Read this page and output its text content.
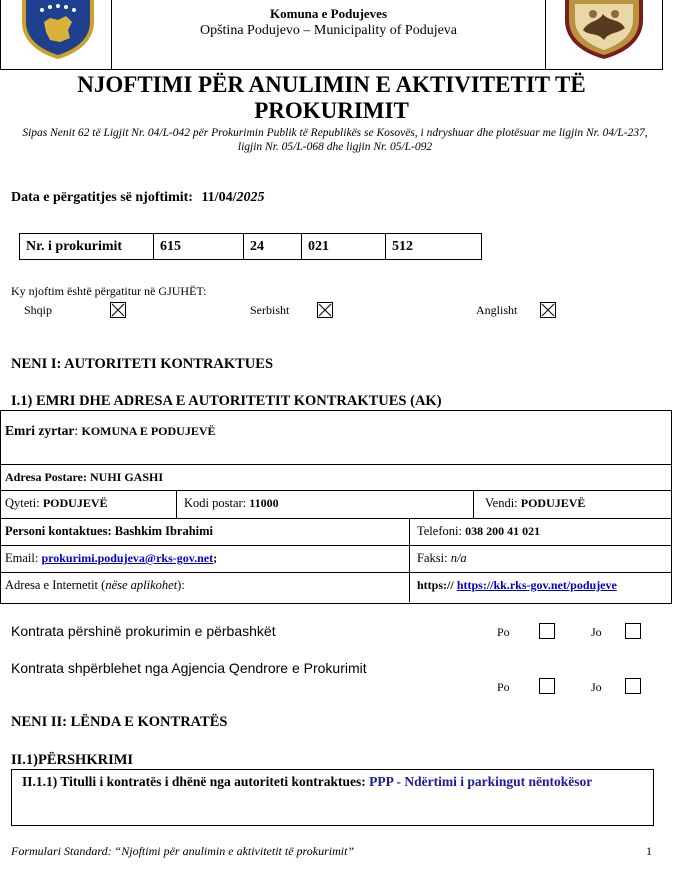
Komuna e Podujeves
Opština Podujevo – Municipality of Podujeva
NJOFTIMI PËR ANULIMIN E AKTIVITETIT TË PROKURIMIT
Sipas Nenit 62 të Ligjit Nr. 04/L-042 për Prokurimin Publik të Republikës se Kosovës, i ndryshuar dhe plotësuar me ligjin Nr. 04/L-237, ligjin Nr. 05/L-068 dhe ligjin Nr. 05/L-092
Data e përgatitjes së njoftimit: 11/04/2025
Nr. i prokurimit	615	24	021	512
Ky njoftim është përgatitur në GJUHËT:
Shqip	Serbisht	Anglisht
NENI I: AUTORITETI KONTRAKTUES
I.1) EMRI DHE ADRESA E AUTORITETIT KONTRAKTUES (AK)
Emri zyrtar: KOMUNA E PODUJEVË
Adresa Postare: NUHI GASHI
Qyteti: PODUJEVË	Kodi postar: 11000	Vendi: PODUJEVË
Personi kontaktues: Bashkim Ibrahimi	Telefoni: 038 200 41 021
Email: prokurimi.podujeva@rks-gov.net;	Faksi: n/a
Adresa e Internetit (nëse aplikohet):	https:// https://kk.rks-gov.net/podujeve
Kontrata përshinë prokurimin e përbashkët	Po	Jo
Kontrata shpërblehet nga Agjencia Qendrore e Prokurimit
Po	Jo
NENI II: LËNDA E KONTRATËS
II.1)PËRSHKRIMI
II.1.1) Titulli i kontratës i dhënë nga autoriteti kontraktues: PPP - Ndërtimi i parkingut nëntokësor
Formulari Standard: “Njoftimi për anulimin e aktivitetit të prokurimit”	1
